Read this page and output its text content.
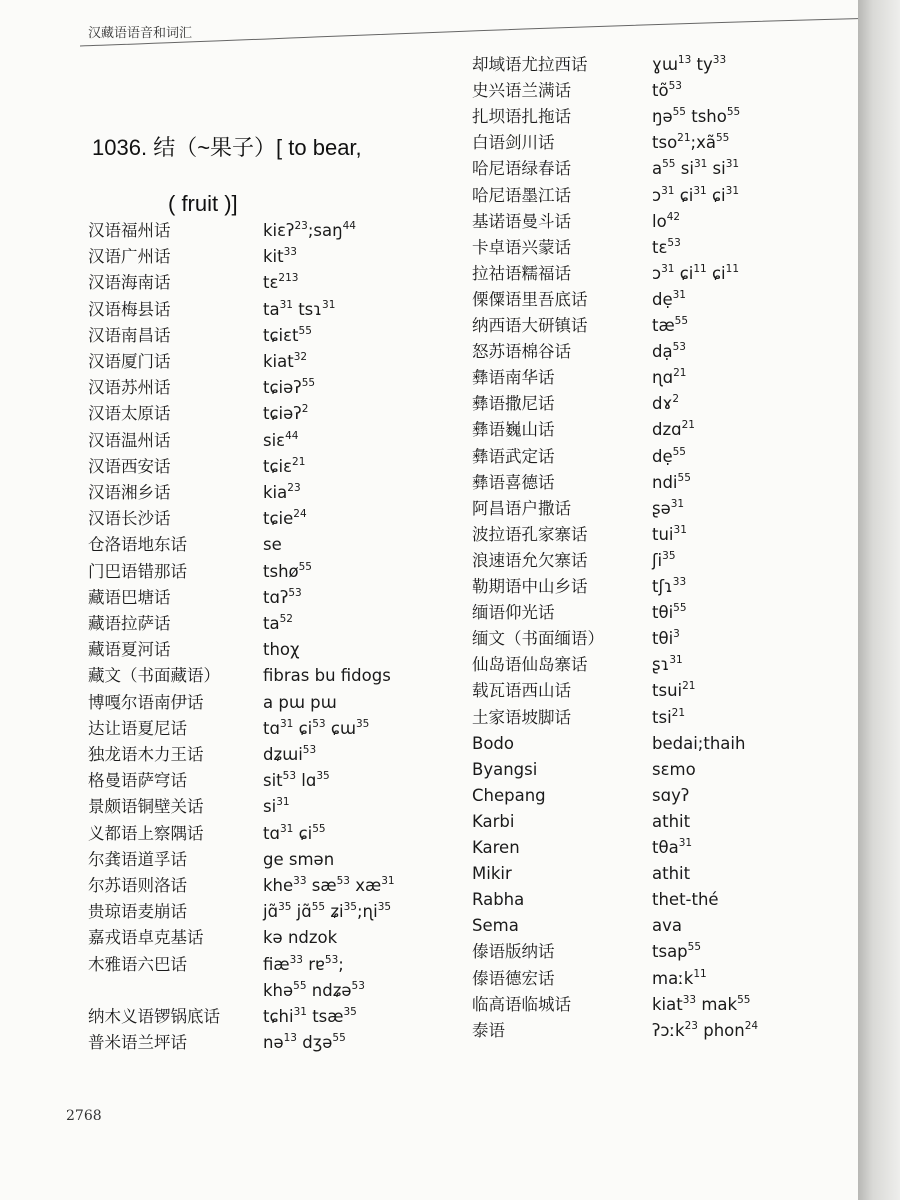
汉藏语语音和词汇
1036. 结（~果子）[ to bear,
( fruit )]
汉语福州话	kiɛʔ$^{23}$;saŋ$^{44}$
汉语广州话	kit$^{33}$
汉语海南话	tɛ$^{213}$
汉语梅县话	$ta^{31}$ tsɿ$^{31}$
汉语南昌话	tɕiɛt$^{55}$
汉语厦门话	kiat$^{32}$
汉语苏州话	tɕiəʔ$^{55}$
汉语太原话	tɕiəʔ$^2$
汉语温州话	siɛ$^{44}$
汉语西安话	tɕiɛ$^{21}$
汉语湘乡话	kia$^{23}$
汉语长沙话	tɕie$^{24}$
仓洛语地东话	se
门巴语错那话	tshø$^{55}$
藏语巴塘话	tɑʔ$^{53}$
藏语拉萨话	$ta^{52}$
藏语夏河话	thoχ
藏文（书面藏语）	fibras bu fidogs
博嘎尔语南伊话	a pɯ pɯ
达让语夏尼话	tɑ$^{31}$ ɕi$^{53}$ ɕɯ$^{35}$
独龙语木力王话	dʑɯi$^{53}$
格曼语萨穹话	sit$^{53}$ lɑ$^{35}$
景颇语铜壁关话	$si^{31}$
义都语上察隅话	tɑ$^{31}$ ɕi$^{55}$
尔龚语道孚话	ge smən
尔苏语则洛话	khe$^{33}$ $sæ^{53}$ $xæ^{31}$
贵琼语麦崩话	jɑ̃$^{35}$ jɑ̃$^{55}$ ʑi$^{35}$;ɳi$^{35}$
嘉戎语卓克基话	kə ndzok
木雅语六巴话	fiæ$^{33}$ rɐ$^{53}$;
khə$^{55}$ ndʑə$^{53}$
纳木义语锣锅底话	tɕhi$^{31}$ tsæ$^{35}$
普米语兰坪话	nə$^{13}$ dʒə$^{55}$
却域语尤拉西话	ɣɯ$^{13}$ $ty^{33}$
史兴语兰满话	$tõ^{53}$
扎坝语扎拖话	ŋə$^{55}$ tsho$^{55}$
白语剑川话	$tso^{21};xã^{55}$
哈尼语绿春话	$a^{55}$ $si^{31}$ $si^{31}$
哈尼语墨江话	ɔ$^{31}$ ɕi$^{31}$ ɕi$^{31}$
基诺语曼斗话	$lo^{42}$
卡卓语兴蒙话	tɛ$^{53}$
拉祜语糯福话	ɔ$^{31}$ ɕi$^{11}$ ɕi$^{11}$
傈僳语里吾底话	dẹ$^{31}$
纳西语大研镇话	$tæ^{55}$
怒苏语棉谷话	dạ$^{53}$
彝语南华话	ɳɑ$^{21}$
彝语撒尼话	dɤ$^2$
彝语巍山话	dzɑ$^{21}$
彝语武定话	dẹ$^{55}$
彝语喜德话	ndi$^{55}$
阿昌语户撒话	ʂə$^{31}$
波拉语孔家寨话	tui$^{31}$
浪速语允欠寨话	ʃi$^{35}$
勒期语中山乡话	tʃɿ$^{33}$
缅语仰光话	tθi$^{55}$
缅文（书面缅语）	tθi$^3$
仙岛语仙岛寨话	ʂɿ$^{31}$
载瓦语西山话	tsui$^{21}$
土家语坡脚话	tsi$^{21}$
Bodo	bedai;thaih
Byangsi	sɛmo
Chepang	sɑyʔ
Karbi	athit
Karen	tθa$^{31}$
Mikir	athit
Rabha	thet-thé
Sema	ava
傣语版纳话	tsap$^{55}$
傣语德宏话	maːk$^{11}$
临高语临城话	kiat$^{33}$ mak$^{55}$
泰语	ʔɔːk$^{23}$ phon$^{24}$
2768
